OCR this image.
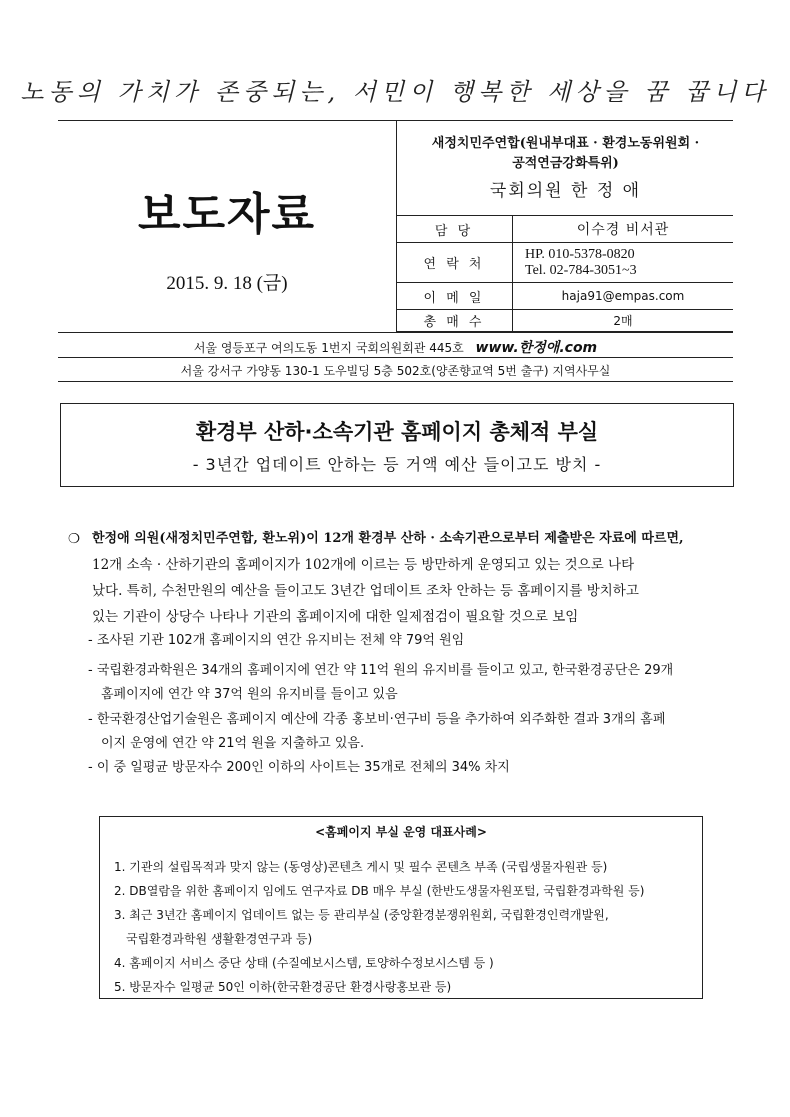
노동의 가치가 존중되는, 서민이 행복한 세상을 꿈 꿉니다
보도자료
2015. 9. 18 (금)
새정치민주연합(원내부대표 · 환경노동위원회 ·
공적연금강화특위)
국회의원 한 정 애
담 당	이수경 비서관
연 락 처	HP. 010-5378-0820
Tel. 02-784-3051~3

이 메 일	haja91@empas.com
총 매 수	2매
서울 영등포구 여의도동 1번지 국회의원회관 445호 www.한정애.com
서울 강서구 가양동 130-1 도우빌딩 5층 502호(양존향교역 5번 출구) 지역사무실
환경부 산하·소속기관 홈페이지 총체적 부실
- 3년간 업데이트 안하는 등 거액 예산 들이고도 방치 -
❍ 한정애 의원(새정치민주연합, 환노위)이 12개 환경부 산하 · 소속기관으로부터 제출받은 자료에 따르면,
12개 소속 · 산하기관의 홈페이지가 102개에 이르는 등 방만하게 운영되고 있는 것으로 나타
났다. 특히, 수천만원의 예산을 들이고도 3년간 업데이트 조차 안하는 등 홈페이지를 방치하고
있는 기관이 상당수 나타나 기관의 홈페이지에 대한 일제점검이 필요할 것으로 보임
- 조사된 기관 102개 홈페이지의 연간 유지비는 전체 약 79억 원임
- 국립환경과학원은 34개의 홈페이지에 연간 약 11억 원의 유지비를 들이고 있고, 한국환경공단은 29개
홈페이지에 연간 약 37억 원의 유지비를 들이고 있음
- 한국환경산업기술원은 홈페이지 예산에 각종 홍보비·연구비 등을 추가하여 외주화한 결과 3개의 홈페
이지 운영에 연간 약 21억 원을 지출하고 있음.
- 이 중 일평균 방문자수 200인 이하의 사이트는 35개로 전체의 34% 차지
<홈페이지 부실 운영 대표사례>
1. 기관의 설립목적과 맞지 않는 (동영상)콘텐츠 게시 및 필수 콘텐츠 부족 (국립생물자원관 등)
2. DB열람을 위한 홈페이지 임에도 연구자료 DB 매우 부실 (한반도생물자원포털, 국립환경과학원 등)
3. 최근 3년간 홈페이지 업데이트 없는 등 관리부실 (중앙환경분쟁위원회, 국립환경인력개발원,
국립환경과학원 생활환경연구과 등)
4. 홈페이지 서비스 중단 상태 (수질예보시스템, 토양하수정보시스템 등 )
5. 방문자수 일평균 50인 이하(한국환경공단 환경사랑홍보관 등)
